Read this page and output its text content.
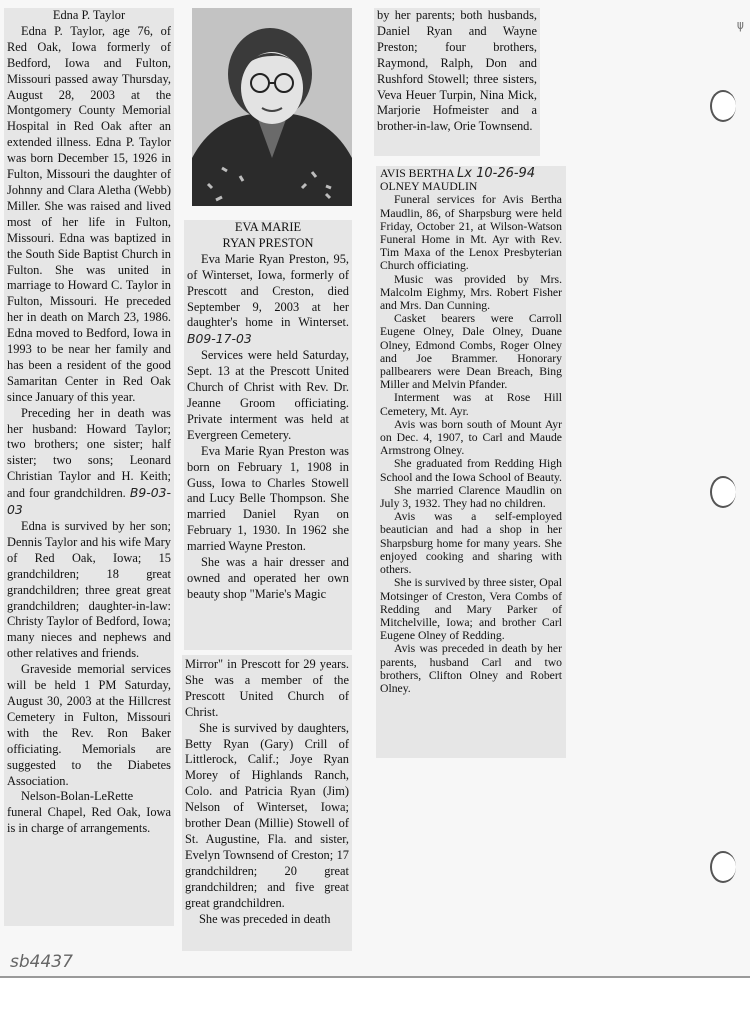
ψ

Edna P. Taylor

Edna P. Taylor, age 76, of Red Oak, Iowa formerly of Bedford, Iowa and Fulton, Missouri passed away Thursday, August 28, 2003 at the Montgomery County Memorial Hospital in Red Oak after an extended illness. Edna P. Taylor was born December 15, 1926 in Fulton, Missouri the daughter of Johnny and Clara Aletha (Webb) Miller. She was raised and lived most of her life in Fulton, Missouri. Edna was baptized in the South Side Baptist Church in Fulton. She was united in marriage to Howard C. Taylor in Fulton, Missouri. He preceded her in death on March 23, 1986. Edna moved to Bedford, Iowa in 1993 to be near her family and has been a resident of the good Samaritan Center in Red Oak since January of this year.

Preceding her in death was her husband: Howard Taylor; two brothers; one sister; half sister; two sons; Leonard Christian Taylor and H. Keith; and four grandchildren. B9-03-03

Edna is survived by her son; Dennis Taylor and his wife Mary of Red Oak, Iowa; 15 grandchildren; 18 great grandchildren; three great great grandchildren; daughter-in-law: Christy Taylor of Bedford, Iowa; many nieces and nephews and other relatives and friends.

Graveside memorial services will be held 1 PM Saturday, August 30, 2003 at the Hillcrest Cemetery in Fulton, Missouri with the Rev. Ron Baker officiating. Memorials are suggested to the Diabetes Association.

Nelson-Bolan-LeRette funeral Chapel, Red Oak, Iowa is in charge of arrangements.

EVA MARIE

RYAN PRESTON

Eva Marie Ryan Preston, 95, of Winterset, Iowa, formerly of Prescott and Creston, died September 9, 2003 at her daughter's home in Winterset. B09-17-03

Services were held Saturday, Sept. 13 at the Prescott United Church of Christ with Rev. Dr. Jeanne Groom officiating. Private interment was held at Evergreen Cemetery.

Eva Marie Ryan Preston was born on February 1, 1908 in Guss, Iowa to Charles Stowell and Lucy Belle Thompson. She married Daniel Ryan on February 1, 1930. In 1962 she married Wayne Preston.

She was a hair dresser and owned and operated her own beauty shop "Marie's Magic

Mirror" in Prescott for 29 years. She was a member of the Prescott United Church of Christ.

She is survived by daughters, Betty Ryan (Gary) Crill of Littlerock, Calif.; Joye Ryan Morey of Highlands Ranch, Colo. and Patricia Ryan (Jim) Nelson of Winterset, Iowa; brother Dean (Millie) Stowell of St. Augustine, Fla. and sister, Evelyn Townsend of Creston; 17 grandchildren; 20 great grandchildren; and five great great grandchildren.

She was preceded in death

by her parents; both husbands, Daniel Ryan and Wayne Preston; four brothers, Raymond, Ralph, Don and Rushford Stowell; three sisters, Veva Heuer Turpin, Nina Mick, Marjorie Hofmeister and a brother-in-law, Orie Townsend.

AVIS BERTHA Lx 10-26-94

OLNEY MAUDLIN

Funeral services for Avis Bertha Maudlin, 86, of Sharpsburg were held Friday, October 21, at Wilson-Watson Funeral Home in Mt. Ayr with Rev. Tim Maxa of the Lenox Presbyterian Church officiating.

Music was provided by Mrs. Malcolm Eighmy, Mrs. Robert Fisher and Mrs. Dan Cunning.

Casket bearers were Carroll Eugene Olney, Dale Olney, Duane Olney, Edmond Combs, Roger Olney and Joe Brammer. Honorary pallbearers were Dean Breach, Bing Miller and Melvin Pfander.

Interment was at Rose Hill Cemetery, Mt. Ayr.

Avis was born south of Mount Ayr on Dec. 4, 1907, to Carl and Maude Armstrong Olney.

She graduated from Redding High School and the Iowa School of Beauty.

She married Clarence Maudlin on July 3, 1932. They had no children.

Avis was a self-employed beautician and had a shop in her Sharpsburg home for many years. She enjoyed cooking and sharing with others.

She is survived by three sister, Opal Motsinger of Creston, Vera Combs of Redding and Mary Parker of Mitchelville, Iowa; and brother Carl Eugene Olney of Redding.

Avis was preceded in death by her parents, husband Carl and two brothers, Clifton Olney and Robert Olney.

sb4437
